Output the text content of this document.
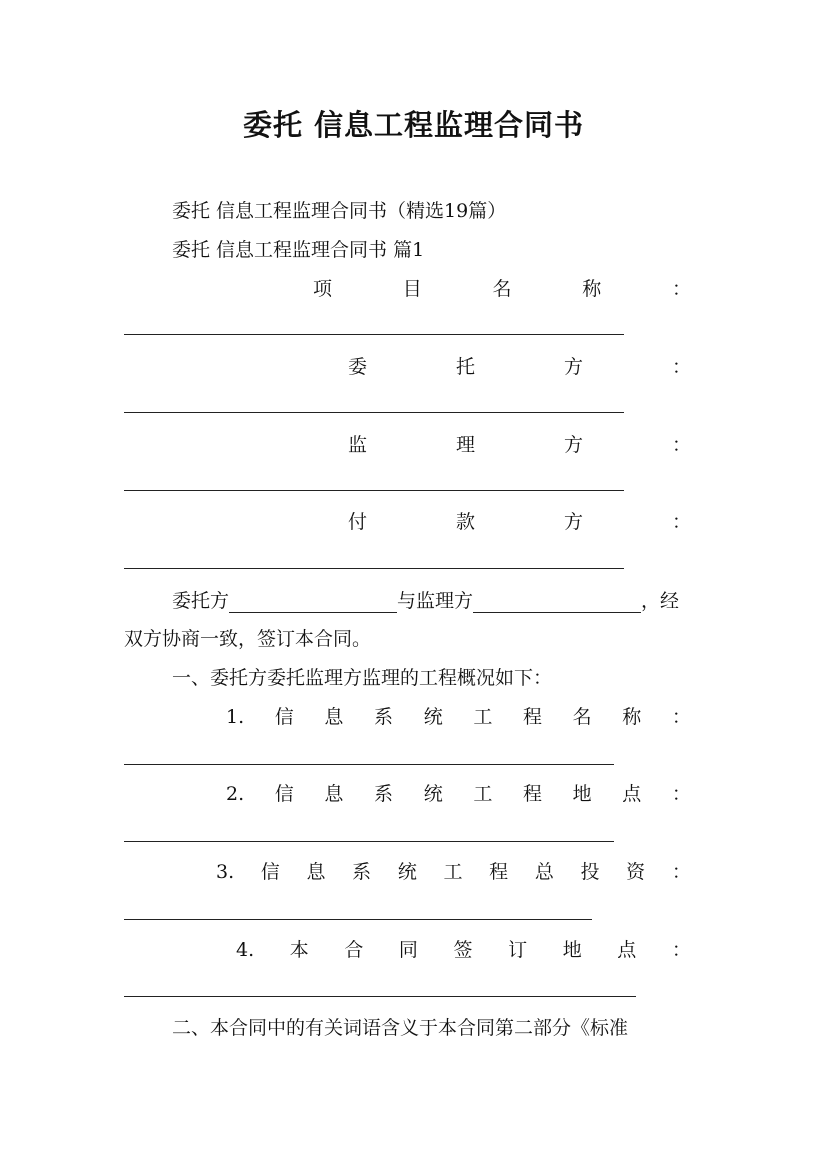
委托 信息工程监理合同书
委托 信息工程监理合同书（精选19篇）
委托 信息工程监理合同书 篇1
项	目	名	称	：
委	托	方	：
监	理	方	：
付	款	方	：
委托方	与监理方	，经
双方协商一致，签订本合同。
一、委托方委托监理方监理的工程概况如下：
1. 信 息 系 统 工 程 名 称 ：
2. 信 息 系 统 工 程 地 点 ：
3. 信 息 系 统 工 程 总 投 资 ：
4. 本 合 同 签 订 地 点 ：
二、本合同中的有关词语含义于本合同第二部分《标准
